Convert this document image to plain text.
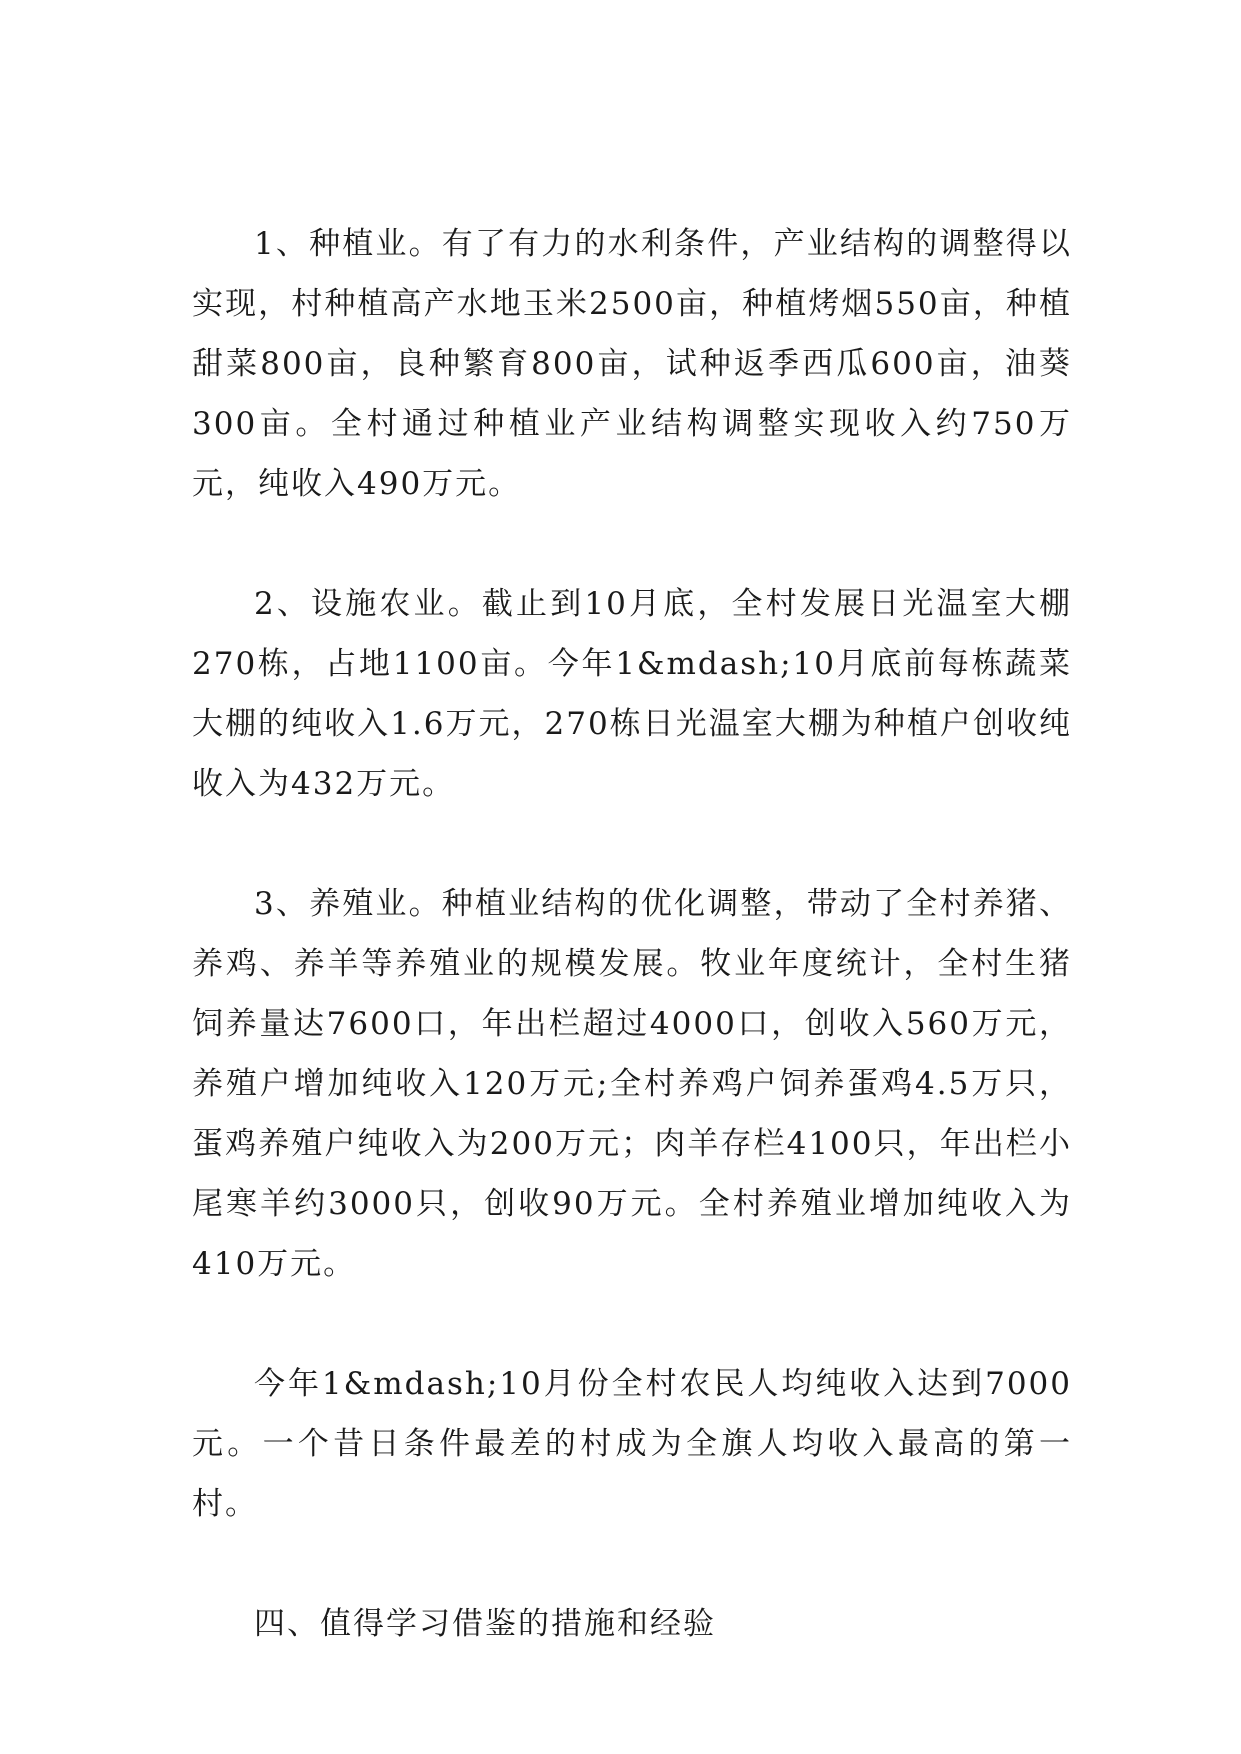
1、种植业。有了有力的水利条件，产业结构的调整得以实现，村种植高产水地玉米2500亩，种植烤烟550亩，种植甜菜800亩，良种繁育800亩，试种返季西瓜600亩，油葵300亩。全村通过种植业产业结构调整实现收入约750万元，纯收入490万元。

2、设施农业。截止到10月底，全村发展日光温室大棚270栋，占地1100亩。今年1&mdash;10月底前每栋蔬菜大棚的纯收入1.6万元，270栋日光温室大棚为种植户创收纯收入为432万元。

3、养殖业。种植业结构的优化调整，带动了全村养猪、养鸡、养羊等养殖业的规模发展。牧业年度统计，全村生猪饲养量达7600口，年出栏超过4000口，创收入560万元，养殖户增加纯收入120万元;全村养鸡户饲养蛋鸡4.5万只，蛋鸡养殖户纯收入为200万元；肉羊存栏4100只，年出栏小尾寒羊约3000只，创收90万元。全村养殖业增加纯收入为410万元。

今年1&mdash;10月份全村农民人均纯收入达到7000元。一个昔日条件最差的村成为全旗人均收入最高的第一村。

四、值得学习借鉴的措施和经验
